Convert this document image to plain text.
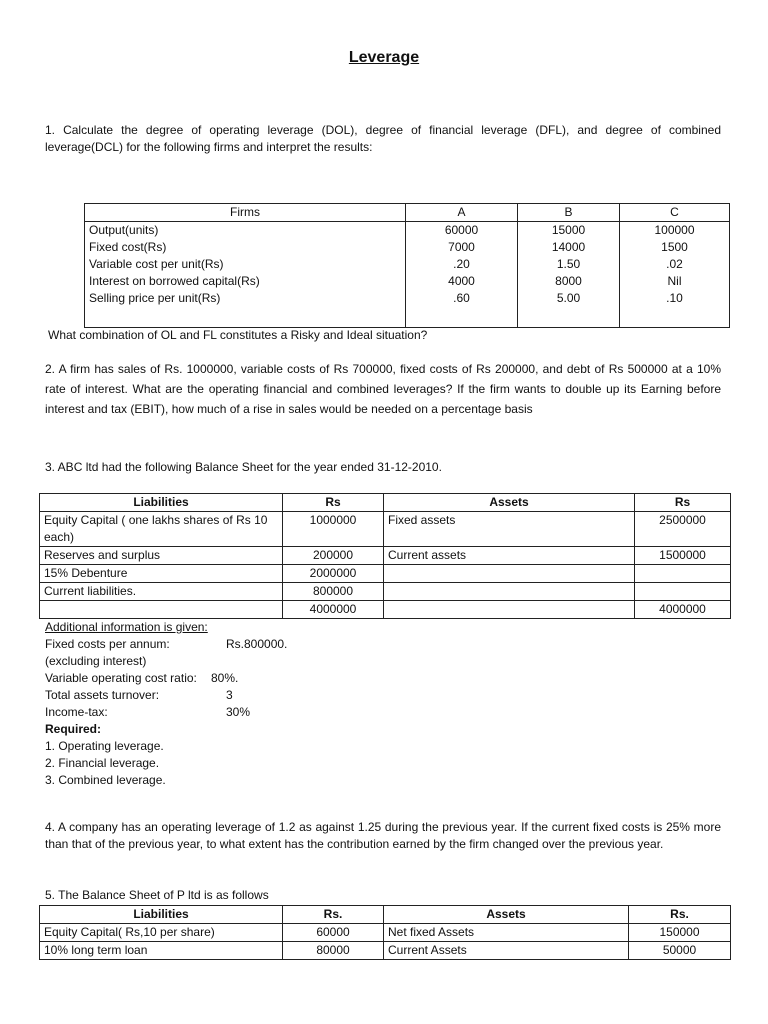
Leverage
1. Calculate the degree of operating leverage (DOL), degree of financial leverage (DFL), and degree of combined leverage(DCL) for the following firms and interpret the results:
Firms	A	B	C
Output(units)	60000	15000	100000
Fixed cost(Rs)	7000	14000	1500
Variable cost per unit(Rs)	.20	1.50	.02
Interest on borrowed capital(Rs)	4000	8000	Nil
Selling price per unit(Rs)	.60	5.00	.10

What combination of OL and FL constitutes a Risky and Ideal situation?
2. A firm has sales of Rs. 1000000, variable costs of Rs 700000, fixed costs of Rs 200000, and debt of Rs 500000 at a 10% rate of interest. What are the operating financial and combined leverages? If the firm wants to double up its Earning before interest and tax (EBIT), how much of a rise in sales would be needed on a percentage basis
3. ABC ltd had the following Balance Sheet for the year ended 31-12-2010.
Liabilities	Rs	Assets	Rs
Equity Capital ( one lakhs shares of Rs 10 each)	1000000	Fixed assets	2500000
Reserves and surplus	200000	Current assets	1500000
15% Debenture	2000000		
Current liabilities.	800000		
	4000000		4000000
Additional information is given:
Fixed costs per annum:	Rs.800000.
(excluding interest)
Variable operating cost ratio: 80%.
Total assets turnover:	3
Income-tax:	30%
Required:
1. Operating leverage.
2. Financial leverage.
3. Combined leverage.
4. A company has an operating leverage of 1.2 as against 1.25 during the previous year. If the current fixed costs is 25% more than that of the previous year, to what extent has the contribution earned by the firm changed over the previous year.
5. The Balance Sheet of P ltd is as follows
Liabilities	Rs.	Assets	Rs.
Equity Capital( Rs,10 per share)	60000	Net fixed Assets	150000
10% long term loan	80000	Current Assets	50000
